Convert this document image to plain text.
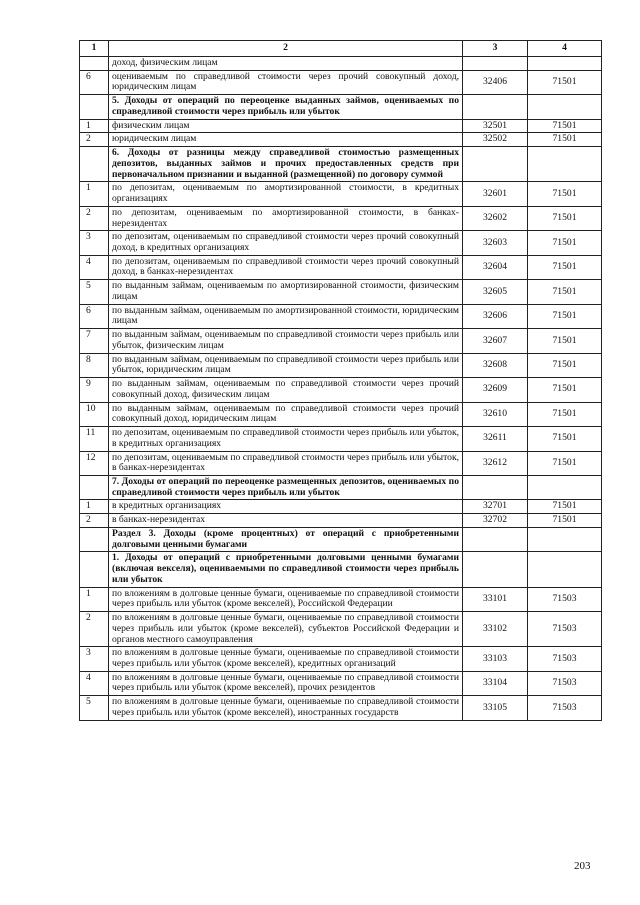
1	2	3	4
	доход, физическим лицам		
6	оцениваемым по справедливой стоимости через прочий совокупный доход, юридическим лицам	32406	71501
	5. Доходы от операций по переоценке выданных займов, оцениваемых по справедливой стоимости через прибыль или убыток		
1	физическим лицам	32501	71501
2	юридическим лицам	32502	71501
	6. Доходы от разницы между справедливой стоимостью размещенных депозитов, выданных займов и прочих предоставленных средств при первоначальном признании и выданной (размещенной) по договору суммой		
1	по депозитам, оцениваемым по амортизированной стоимости, в кредитных организациях	32601	71501
2	по депозитам, оцениваемым по амортизированной стоимости, в банках-нерезидентах	32602	71501
3	по депозитам, оцениваемым по справедливой стоимости через прочий совокупный доход, в кредитных организациях	32603	71501
4	по депозитам, оцениваемым по справедливой стоимости через прочий совокупный доход, в банках-нерезидентах	32604	71501
5	по выданным займам, оцениваемым по амортизированной стоимости, физическим лицам	32605	71501
6	по выданным займам, оцениваемым по амортизированной стоимости, юридическим лицам	32606	71501
7	по выданным займам, оцениваемым по справедливой стоимости через прибыль или убыток, физическим лицам	32607	71501
8	по выданным займам, оцениваемым по справедливой стоимости через прибыль или убыток, юридическим лицам	32608	71501
9	по выданным займам, оцениваемым по справедливой стоимости через прочий совокупный доход, физическим лицам	32609	71501
10	по выданным займам, оцениваемым по справедливой стоимости через прочий совокупный доход, юридическим лицам	32610	71501
11	по депозитам, оцениваемым по справедливой стоимости через прибыль или убыток, в кредитных организациях	32611	71501
12	по депозитам, оцениваемым по справедливой стоимости через прибыль или убыток, в банках-нерезидентах	32612	71501
	7. Доходы от операций по переоценке размещенных депозитов, оцениваемых по справедливой стоимости через прибыль или убыток		
1	в кредитных организациях	32701	71501
2	в банках-нерезидентах	32702	71501
	Раздел 3. Доходы (кроме процентных) от операций с приобретенными долговыми ценными бумагами		
	1. Доходы от операций с приобретенными долговыми ценными бумагами (включая векселя), оцениваемыми по справедливой стоимости через прибыль или убыток		
1	по вложениям в долговые ценные бумаги, оцениваемые по справедливой стоимости через прибыль или убыток (кроме векселей), Российской Федерации	33101	71503
2	по вложениям в долговые ценные бумаги, оцениваемые по справедливой стоимости через прибыль или убыток (кроме векселей), субъектов Российской Федерации и органов местного самоуправления	33102	71503
3	по вложениям в долговые ценные бумаги, оцениваемые по справедливой стоимости через прибыль или убыток (кроме векселей), кредитных организаций	33103	71503
4	по вложениям в долговые ценные бумаги, оцениваемые по справедливой стоимости через прибыль или убыток (кроме векселей), прочих резидентов	33104	71503
5	по вложениям в долговые ценные бумаги, оцениваемые по справедливой стоимости через прибыль или убыток (кроме векселей), иностранных государств	33105	71503
203
